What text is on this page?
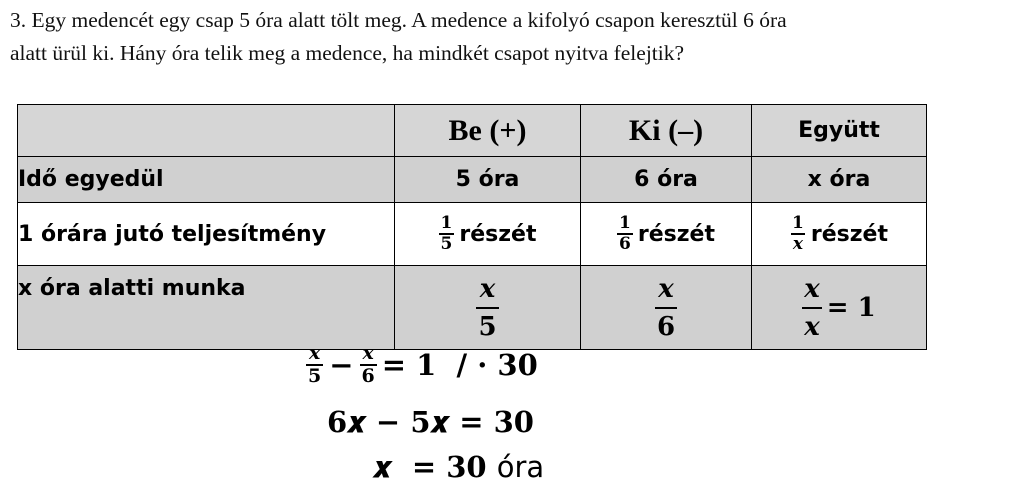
3. Egy medencét egy csap 5 óra alatt tölt meg. A medence a kifolyó csapon keresztül 6 óra
alatt ürül ki. Hány óra telik meg a medence, ha mindkét csapot nyitva felejtik?
	Be (+)	Ki (–)	Együtt
Idő egyedül	5 óra	6 óra	x óra
1 órára jutó teljesítmény	$\frac{1}{5}$ részét	$\frac{1}{6}$ részét	$\frac{1}{x}$ részét
x óra alatti munka	$\frac{x}{5}$	$\frac{x}{6}$	$\frac{x}{x} = 1$
$\frac{x}{5} - \frac{x}{6} = 1$  / · 30
6𝒙 − 5𝒙 = 30
𝒙  = 30 óra
